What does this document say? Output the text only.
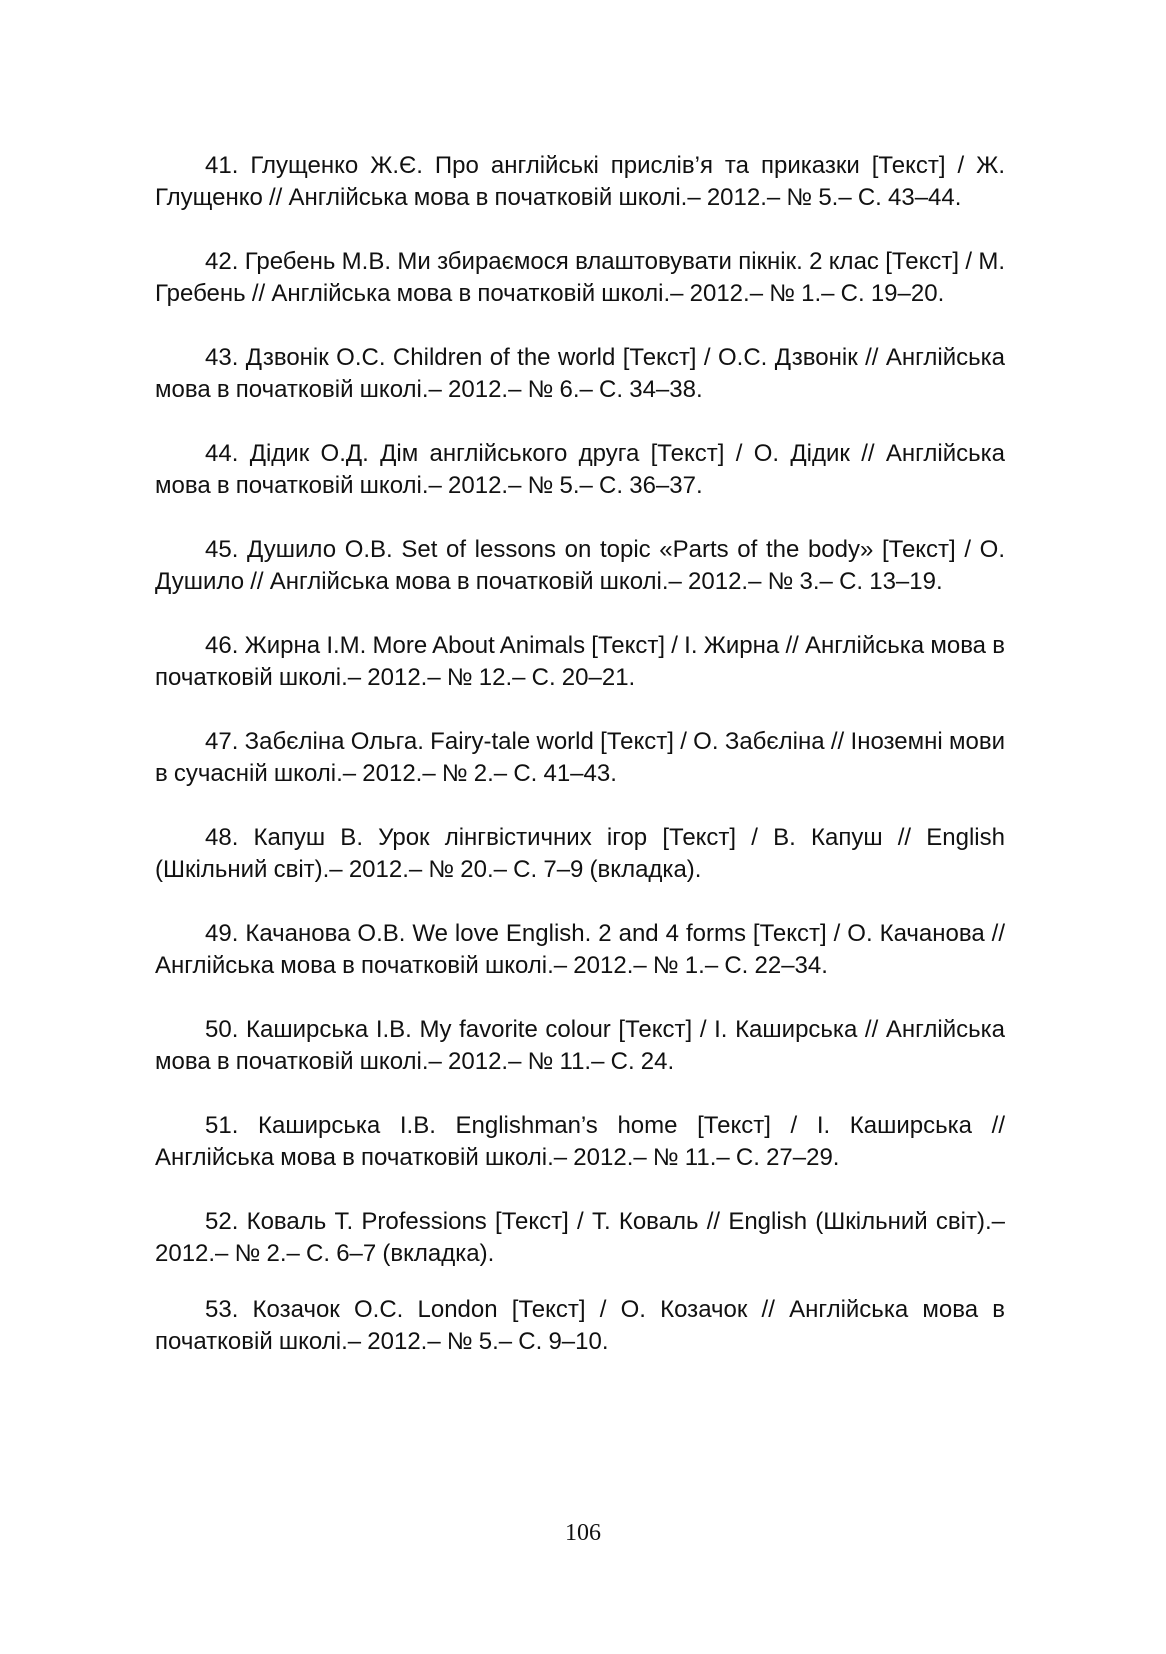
41. Глущенко Ж.Є. Про англійські прислів’я та приказки [Текст] / Ж. Глущенко // Англійська мова в початковій школі.– 2012.– № 5.– С. 43–44.

42. Гребень М.В. Ми збираємося влаштовувати пікнік. 2 клас [Текст] / М. Гребень // Англійська мова в початковій школі.– 2012.– № 1.– С. 19–20.

43. Дзвонік О.С. Children of the world [Текст] / О.С. Дзвонік // Англійська мова в початковій школі.– 2012.– № 6.– С. 34–38.

44. Дідик О.Д. Дім англійського друга [Текст] / О. Дідик // Англійська мова в початковій школі.– 2012.– № 5.– С. 36–37.

45. Душило О.В. Set of lessons on topic «Parts of the body» [Текст] / О. Душило // Англійська мова в початковій школі.– 2012.– № 3.– С. 13–19.

46. Жирна І.М. More About Animals [Текст] / І. Жирна // Англійська мова в початковій школі.– 2012.– № 12.– С. 20–21.

47. Забєліна Ольга. Fairy-tale world [Текст] / О. Забєліна // Іноземні мови в сучасній школі.– 2012.– № 2.– С. 41–43.

48. Капуш В. Урок лінгвістичних ігор [Текст] / В. Капуш // English (Шкільний світ).– 2012.– № 20.– С. 7–9 (вкладка).

49. Качанова О.В. We love English. 2 and 4 forms [Текст] / О. Качанова // Англійська мова в початковій школі.– 2012.– № 1.– С. 22–34.

50. Каширська І.В. My favorite colour [Текст] / І. Каширська // Англійська мова в початковій школі.– 2012.– № 11.– С. 24.

51. Каширська І.В. Englishman’s home [Текст] / І. Каширська // Англійська мова в початковій школі.– 2012.– № 11.– С. 27–29.

52. Коваль Т. Professions [Текст] / Т. Коваль // English (Шкільний світ).– 2012.– № 2.– С. 6–7 (вкладка).

53. Козачок О.С. London [Текст] / О. Козачок // Англійська мова в початковій школі.– 2012.– № 5.– С. 9–10.

106
